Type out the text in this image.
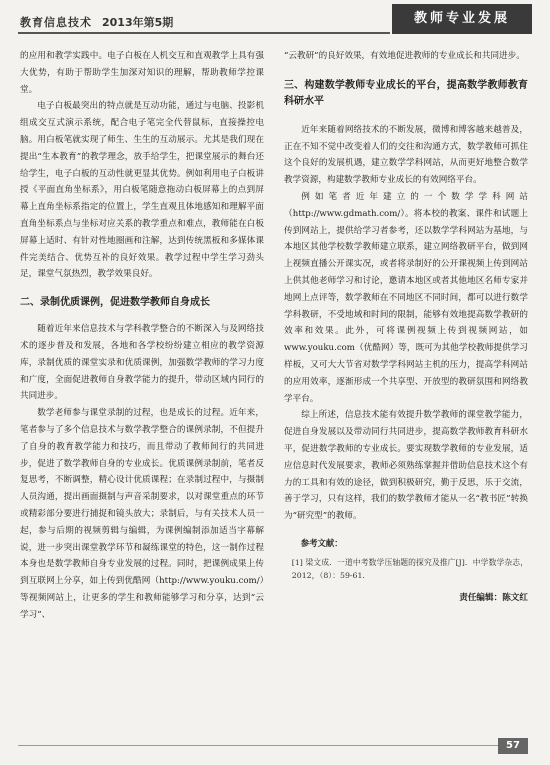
教育信息技术 2013年第5期	教师专业发展

的应用和教学实践中。电子白板在人机交互和直观教学上具有强大优势，有助于帮助学生加深对知识的理解，帮助教师学控课堂。

电子白板最突出的特点就是互动功能，通过与电脑、投影机组成交互式演示系统，配合电子笔完全代替鼠标，直接操控电脑。用白板笔就实现了师生、生生的互动展示。尤其是我们现在提出“生本教育”的教学理念，放手给学生，把课堂展示的舞台还给学生，电子白板的互动性就更显其优势。例如利用电子白板讲授《平面直角坐标系》，用白板笔随意拖动白板屏幕上的点到屏幕上直角坐标系指定的位置上，学生直观且体地感知和理解平面直角坐标系点与坐标对应关系的教学重点和难点，教师能在白板屏幕上适时、有针对性地圈画和注解，达到传统黑板和多媒体课件完美结合、优势互补的良好效果。教学过程中学生学习劲头足，课堂气氛热烈，教学效果良好。

二、录制优质课例，促进数学教师自身成长

随着近年来信息技术与学科教学整合的不断深入与及网络技术的逐步普及和发展，各地和各学校纷纷建立相应的教学资源库，录制优质的课堂实录和优质课例，加强数学教师的学习力度和广度，全面促进教师自身教学能力的提升，带动区域内同行的共同进步。

数学老师参与课堂录制的过程，也是成长的过程。近年来，笔者参与了多个信息技术与数学教学整合的课例录制，不但提升了自身的教育教学能力和技巧，而且带动了教师间行的共同进步，促进了数学教师自身的专业成长。优质课例录制前，笔者反复思考，不断调整，精心设计优质课程；在录制过程中，与摄制人员沟通，提出画面摄制与声音采制要求，以对课堂重点的环节或精彩部分要进行捕捉和镜头放大；录制后，与有关技术人员一起，参与后期的视频剪辑与编辑，为课例编制添加适当字幕解说，进一步突出课堂教学环节和凝练课堂的特色，这一制作过程本身也是数学教师自身专业发展的过程。同时，把课例成果上传到互联网上分享，如上传到优酷网（http://www.youku.com/）等视频网站上，让更多的学生和教师能够学习和分享，达到“云学习”、

“云教研”的良好效果，有效地促进教师的专业成长和共同进步。

三、构建数学教师专业成长的平台，提高数学教师教育科研水平

近年来随着网络技术的不断发展，微博和博客越来越普及，正在不知不觉中改变着人们的交往和沟通方式，数学教师可抓住这个良好的发展机遇，建立数学学科网站，从而更好地整合数学教学资源，构建数学教师专业成长的有效网络平台。

例如笔者近年建立的一个数学学科网站（http://www.gdmath.com/）。将本校的教案、课件和试题上传到网站上，提供给学习者参考，还以数学学科网站为基地，与本地区其他学校数学教师建立联系，建立网络教研平台，做到网上视频直播公开课实况，或者将录制好的公开课视频上传到网站上供其他老师学习和讨论，邀请本地区或者其他地区名师专家并地网上点评等，数学教师在不同地区不同时间，都可以进行数学学科教研，不受地域和时间的限制，能够有效地提高数学教研的效率和效果。此外，可将课例视频上传到视频网站，如www.youku.com（优酷网）等，既可为其他学校教师提供学习样板，又可大大节省对数学学科网站主机的压力，提高学科网站的应用效率，逐渐形成一个共享型、开放型的教研氛围和网络教学平台。

综上所述，信息技术能有效提升数学教师的课堂教学能力，促进自身发展以及带动同行共同进步，提高数学教师教育科研水平，促进数学教师的专业成长。要实现数学教师的专业发展，适应信息时代发展要求，教师必须熟练掌握并借助信息技术这个有力的工具和有效的途径，做到积极研究，勤于反思，乐于交流，善于学习，只有这样，我们的数学教师才能从一名“教书匠”转换为“研究型”的教师。

参考文献：
[1] 梁文成．一道中考数学压轴题的探究及推广[J]．中学数学杂志，2012，（8）：59-61．
责任编辑：陈文红
57
